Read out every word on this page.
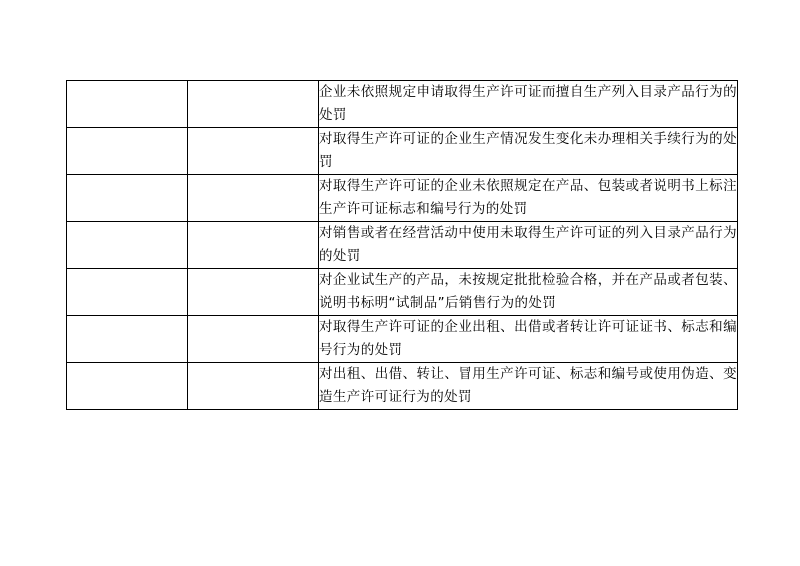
		企业未依照规定申请取得生产许可证而擅自生产列入目录产品行为的处罚
		对取得生产许可证的企业生产情况发生变化未办理相关手续行为的处罚
		对取得生产许可证的企业未依照规定在产品、包装或者说明书上标注生产许可证标志和编号行为的处罚
		对销售或者在经营活动中使用未取得生产许可证的列入目录产品行为的处罚
		对企业试生产的产品，未按规定批批检验合格，并在产品或者包装、说明书标明“试制品”后销售行为的处罚
		对取得生产许可证的企业出租、出借或者转让许可证证书、标志和编号行为的处罚
		对出租、出借、转让、冒用生产许可证、标志和编号或使用伪造、变造生产许可证行为的处罚
